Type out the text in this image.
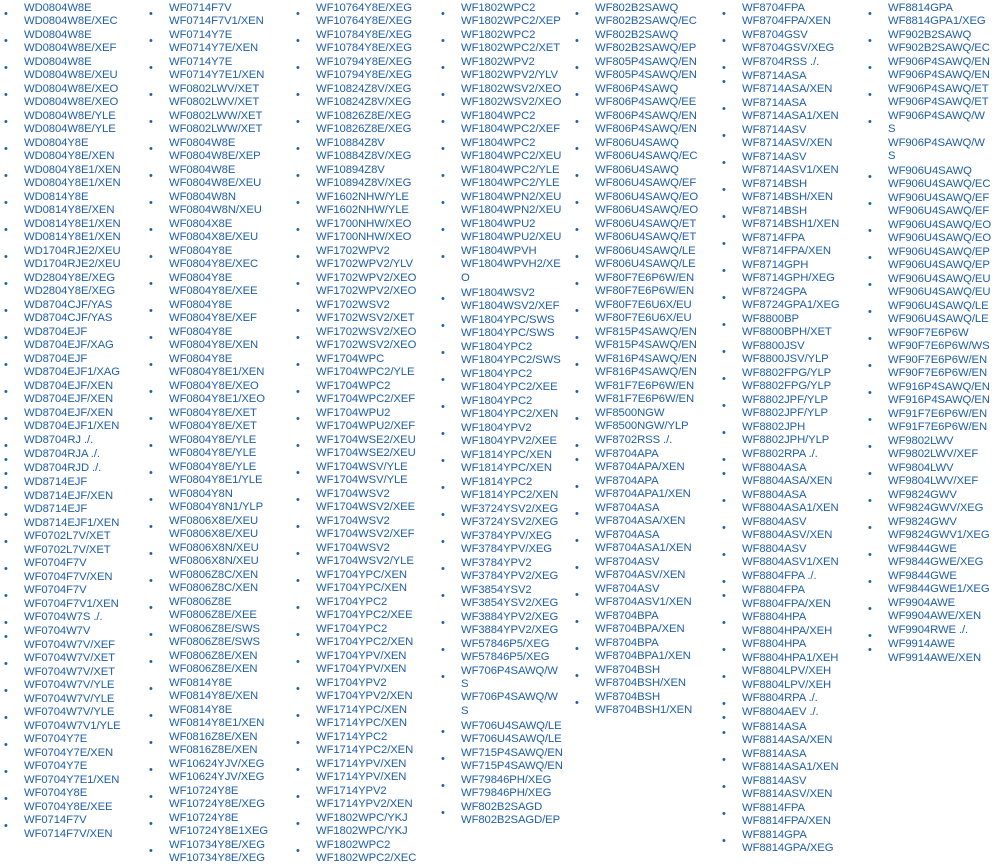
• WD0804W8E
WD0804W8E/XEC
• WD0804W8E
WD0804W8E/XEF
• WD0804W8E
WD0804W8E/XEU
• WD0804W8E/XEO
WD0804W8E/XEO
• WD0804W8E/YLE
WD0804W8E/YLE
• WD0804Y8E
WD0804Y8E/XEN
• WD0804Y8E1/XEN
WD0804Y8E1/XEN
• WD0814Y8E
WD0814Y8E/XEN
• WD0814Y8E1/XEN
WD0814Y8E1/XEN
• WD1704RJE2/XEU
WD1704RJE2/XEU
• WD2804Y8E/XEG
WD2804Y8E/XEG
• WD8704CJF/YAS
WD8704CJF/YAS
• WD8704EJF
WD8704EJF/XAG
• WD8704EJF
WD8704EJF1/XAG
• WD8704EJF/XEN
WD8704EJF/XEN
• WD8704EJF/XEN
WD8704EJF1/XEN
• WD8704RJ ./.
• WD8704RJA ./.
• WD8704RJD ./.
• WD8714EJF
WD8714EJF/XEN
• WD8714EJF
WD8714EJF1/XEN
• WF0702L7V/XET
WF0702L7V/XET
• WF0704F7V
WF0704F7V/XEN
• WF0704F7V
WF0704F7V1/XEN
• WF0704W7S ./.
• WF0704W7V
WF0704W7V/XEF
• WF0704W7V/XET
WF0704W7V/XET
• WF0704W7V/YLE
WF0704W7V/YLE
• WF0704W7V/YLE
WF0704W7V1/YLE
• WF0704Y7E
WF0704Y7E/XEN
• WF0704Y7E
WF0704Y7E1/XEN
• WF0704Y8E
WF0704Y8E/XEE
• WF0714F7V
WF0714F7V/XEN
• WF0714F7V
WF0714F7V1/XEN
• WF0714Y7E
WF0714Y7E/XEN
• WF0714Y7E
WF0714Y7E1/XEN
• WF0802LWV/XET
WF0802LWV/XET
• WF0802LWW/XET
WF0802LWW/XET
• WF0804W8E
WF0804W8E/XEP
• WF0804W8E
WF0804W8E/XEU
• WF0804W8N
WF0804W8N/XEU
• WF0804X8E
WF0804X8E/XEU
• WF0804Y8E
WF0804Y8E/XEC
• WF0804Y8E
WF0804Y8E/XEE
• WF0804Y8E
WF0804Y8E/XEF
• WF0804Y8E
WF0804Y8E/XEN
• WF0804Y8E
WF0804Y8E1/XEN
• WF0804Y8E/XEO
WF0804Y8E1/XEO
• WF0804Y8E/XET
WF0804Y8E/XET
• WF0804Y8E/YLE
WF0804Y8E/YLE
• WF0804Y8E/YLE
WF0804Y8E1/YLE
• WF0804Y8N
WF0804Y8N1/YLP
• WF0806X8E/XEU
WF0806X8E/XEU
• WF0806X8N/XEU
WF0806X8N/XEU
• WF0806Z8C/XEN
WF0806Z8C/XEN
• WF0806Z8E
WF0806Z8E/XEE
• WF0806Z8E/SWS
WF0806Z8E/SWS
• WF0806Z8E/XEN
WF0806Z8E/XEN
• WF0814Y8E
WF0814Y8E/XEN
• WF0814Y8E
WF0814Y8E1/XEN
• WF0816Z8E/XEN
WF0816Z8E/XEN
• WF10624YJV/XEG
WF10624YJV/XEG
• WF10724Y8E
WF10724Y8E/XEG
• WF10724Y8E
WF10724Y8E1XEG
• WF10734Y8E/XEG
WF10734Y8E/XEG
• WF10764Y8E/XEG
WF10764Y8E/XEG
• WF10784Y8E/XEG
WF10784Y8E/XEG
• WF10794Y8E/XEG
WF10794Y8E/XEG
• WF10824Z8V/XEG
WF10824Z8V/XEG
• WF10826Z8E/XEG
WF10826Z8E/XEG
• WF10884Z8V
WF10884Z8V/XEG
• WF10894Z8V
WF10894Z8V/XEG
• WF1602NHW/YLE
WF1602NHW/YLE
• WF1700NHW/XEO
WF1700NHW/XEO
• WF1702WPV2
WF1702WPV2/YLV
• WF1702WPV2/XEO
WF1702WPV2/XEO
• WF1702WSV2
WF1702WSV2/XET
• WF1702WSV2/XEO
WF1702WSV2/XEO
• WF1704WPC
WF1704WPC2/YLE
• WF1704WPC2
WF1704WPC2/XEF
• WF1704WPU2
WF1704WPU2/XEF
• WF1704WSE2/XEU
WF1704WSE2/XEU
• WF1704WSV/YLE
WF1704WSV/YLE
• WF1704WSV2
WF1704WSV2/XEE
• WF1704WSV2
WF1704WSV2/XEF
• WF1704WSV2
WF1704WSV2/YLE
• WF1704YPC/XEN
WF1704YPC/XEN
• WF1704YPC2
WF1704YPC2/XEE
• WF1704YPC2
WF1704YPC2/XEN
• WF1704YPV/XEN
WF1704YPV/XEN
• WF1704YPV2
WF1704YPV2/XEN
• WF1714YPC/XEN
WF1714YPC/XEN
• WF1714YPC2
WF1714YPC2/XEN
• WF1714YPV/XEN
WF1714YPV/XEN
• WF1714YPV2
WF1714YPV2/XEN
• WF1802WPC/YKJ
WF1802WPC/YKJ
• WF1802WPC2
WF1802WPC2/XEC
• WF1802WPC2
WF1802WPC2/XEP
• WF1802WPC2
WF1802WPC2/XET
• WF1802WPV2
WF1802WPV2/YLV
• WF1802WSV2/XEO
WF1802WSV2/XEO
• WF1804WPC2
WF1804WPC2/XEF
• WF1804WPC2
WF1804WPC2/XEU
• WF1804WPC2/YLE
WF1804WPC2/YLE
• WF1804WPN2/XEU
WF1804WPN2/XEU
• WF1804WPU2
WF1804WPU2/XEU
• WF1804WPVH
WF1804WPVH2/XE
O
• WF1804WSV2
WF1804WSV2/XEF
• WF1804YPC/SWS
WF1804YPC/SWS
• WF1804YPC2
WF1804YPC2/SWS
• WF1804YPC2
WF1804YPC2/XEE
• WF1804YPC2
WF1804YPC2/XEN
• WF1804YPV2
WF1804YPV2/XEE
• WF1814YPC/XEN
WF1814YPC/XEN
• WF1814YPC2
WF1814YPC2/XEN
• WF3724YSV2/XEG
WF3724YSV2/XEG
• WF3784YPV/XEG
WF3784YPV/XEG
• WF3784YPV2
WF3784YPV2/XEG
• WF3854YSV2
WF3854YSV2/XEG
• WF3884YPV2/XEG
WF3884YPV2/XEG
• WF57846P5/XEG
WF57846P5/XEG
• WF706P4SAWQ/W
S
WF706P4SAWQ/W
S
• WF706U4SAWQ/LE
WF706U4SAWQ/LE
• WF715P4SAWQ/EN
WF715P4SAWQ/EN
• WF79846PH/XEG
WF79846PH/XEG
• WF802B2SAGD
WF802B2SAGD/EP
• WF802B2SAWQ
WF802B2SAWQ/EC
• WF802B2SAWQ
WF802B2SAWQ/EP
• WF805P4SAWQ/EN
WF805P4SAWQ/EN
• WF806P4SAWQ
WF806P4SAWQ/EE
• WF806P4SAWQ/EN
WF806P4SAWQ/EN
• WF806U4SAWQ
WF806U4SAWQ/EC
• WF806U4SAWQ
WF806U4SAWQ/EF
• WF806U4SAWQ/EO
WF806U4SAWQ/EO
• WF806U4SAWQ/ET
WF806U4SAWQ/ET
• WF806U4SAWQ/LE
WF806U4SAWQ/LE
• WF80F7E6P6W/EN
WF80F7E6P6W/EN
• WF80F7E6U6X/EU
WF80F7E6U6X/EU
• WF815P4SAWQ/EN
WF815P4SAWQ/EN
• WF816P4SAWQ/EN
WF816P4SAWQ/EN
• WF81F7E6P6W/EN
WF81F7E6P6W/EN
• WF8500NGW
WF8500NGW/YLP
• WF8702RSS ./.
• WF8704APA
WF8704APA/XEN
• WF8704APA
WF8704APA1/XEN
• WF8704ASA
WF8704ASA/XEN
• WF8704ASA
WF8704ASA1/XEN
• WF8704ASV
WF8704ASV/XEN
• WF8704ASV
WF8704ASV1/XEN
• WF8704BPA
WF8704BPA/XEN
• WF8704BPA
WF8704BPA1/XEN
• WF8704BSH
WF8704BSH/XEN
• WF8704BSH
WF8704BSH1/XEN
• WF8704FPA
WF8704FPA/XEN
• WF8704GSV
WF8704GSV/XEG
• WF8704RSS ./.
• WF8714ASA
WF8714ASA/XEN
• WF8714ASA
WF8714ASA1/XEN
• WF8714ASV
WF8714ASV/XEN
• WF8714ASV
WF8714ASV1/XEN
• WF8714BSH
WF8714BSH/XEN
• WF8714BSH
WF8714BSH1/XEN
• WF8714FPA
WF8714FPA/XEN
• WF8714GPH
WF8714GPH/XEG
• WF8724GPA
WF8724GPA1/XEG
• WF8800BP
WF8800BPH/XET
• WF8800JSV
WF8800JSV/YLP
• WF8802FPG/YLP
WF8802FPG/YLP
• WF8802JPF/YLP
WF8802JPF/YLP
• WF8802JPH
WF8802JPH/YLP
• WF8802RPA ./.
• WF8804ASA
WF8804ASA/XEN
• WF8804ASA
WF8804ASA1/XEN
• WF8804ASV
WF8804ASV/XEN
• WF8804ASV
WF8804ASV1/XEN
• WF8804FPA ./.
• WF8804FPA
WF8804FPA/XEN
• WF8804HPA
WF8804HPA/XEH
• WF8804HPA
WF8804HPA1/XEH
• WF8804LPV/XEH
WF8804LPV/XEH
• WF8804RPA ./.
• WF8804AEV ./.
• WF8814ASA
WF8814ASA/XEN
• WF8814ASA
WF8814ASA1/XEN
• WF8814ASV
WF8814ASV/XEN
• WF8814FPA
WF8814FPA/XEN
• WF8814GPA
WF8814GPA/XEG
• WF8814GPA
WF8814GPA1/XEG
• WF902B2SAWQ
WF902B2SAWQ/EC
• WF906P4SAWQ/EN
WF906P4SAWQ/EN
• WF906P4SAWQ/ET
WF906P4SAWQ/ET
• WF906P4SAWQ/W
S
WF906P4SAWQ/W
S
• WF906U4SAWQ
WF906U4SAWQ/EC
• WF906U4SAWQ/EF
WF906U4SAWQ/EF
• WF906U4SAWQ/EO
WF906U4SAWQ/EO
• WF906U4SAWQ/EP
WF906U4SAWQ/EP
• WF906U4SAWQ/EU
WF906U4SAWQ/EU
• WF906U4SAWQ/LE
WF906U4SAWQ/LE
• WF90F7E6P6W
WF90F7E6P6W/WS
• WF90F7E6P6W/EN
WF90F7E6P6W/EN
• WF916P4SAWQ/EN
WF916P4SAWQ/EN
• WF91F7E6P6W/EN
WF91F7E6P6W/EN
• WF9802LWV
WF9802LWV/XEF
• WF9804LWV
WF9804LWV/XEF
• WF9824GWV
WF9824GWV/XEG
• WF9824GWV
WF9824GWV1/XEG
• WF9844GWE
WF9844GWE/XEG
• WF9844GWE
WF9844GWE1/XEG
• WF9904AWE
WF9904AWE/XEN
• WF9904RWE ./.
• WF9914AWE
WF9914AWE/XEN
